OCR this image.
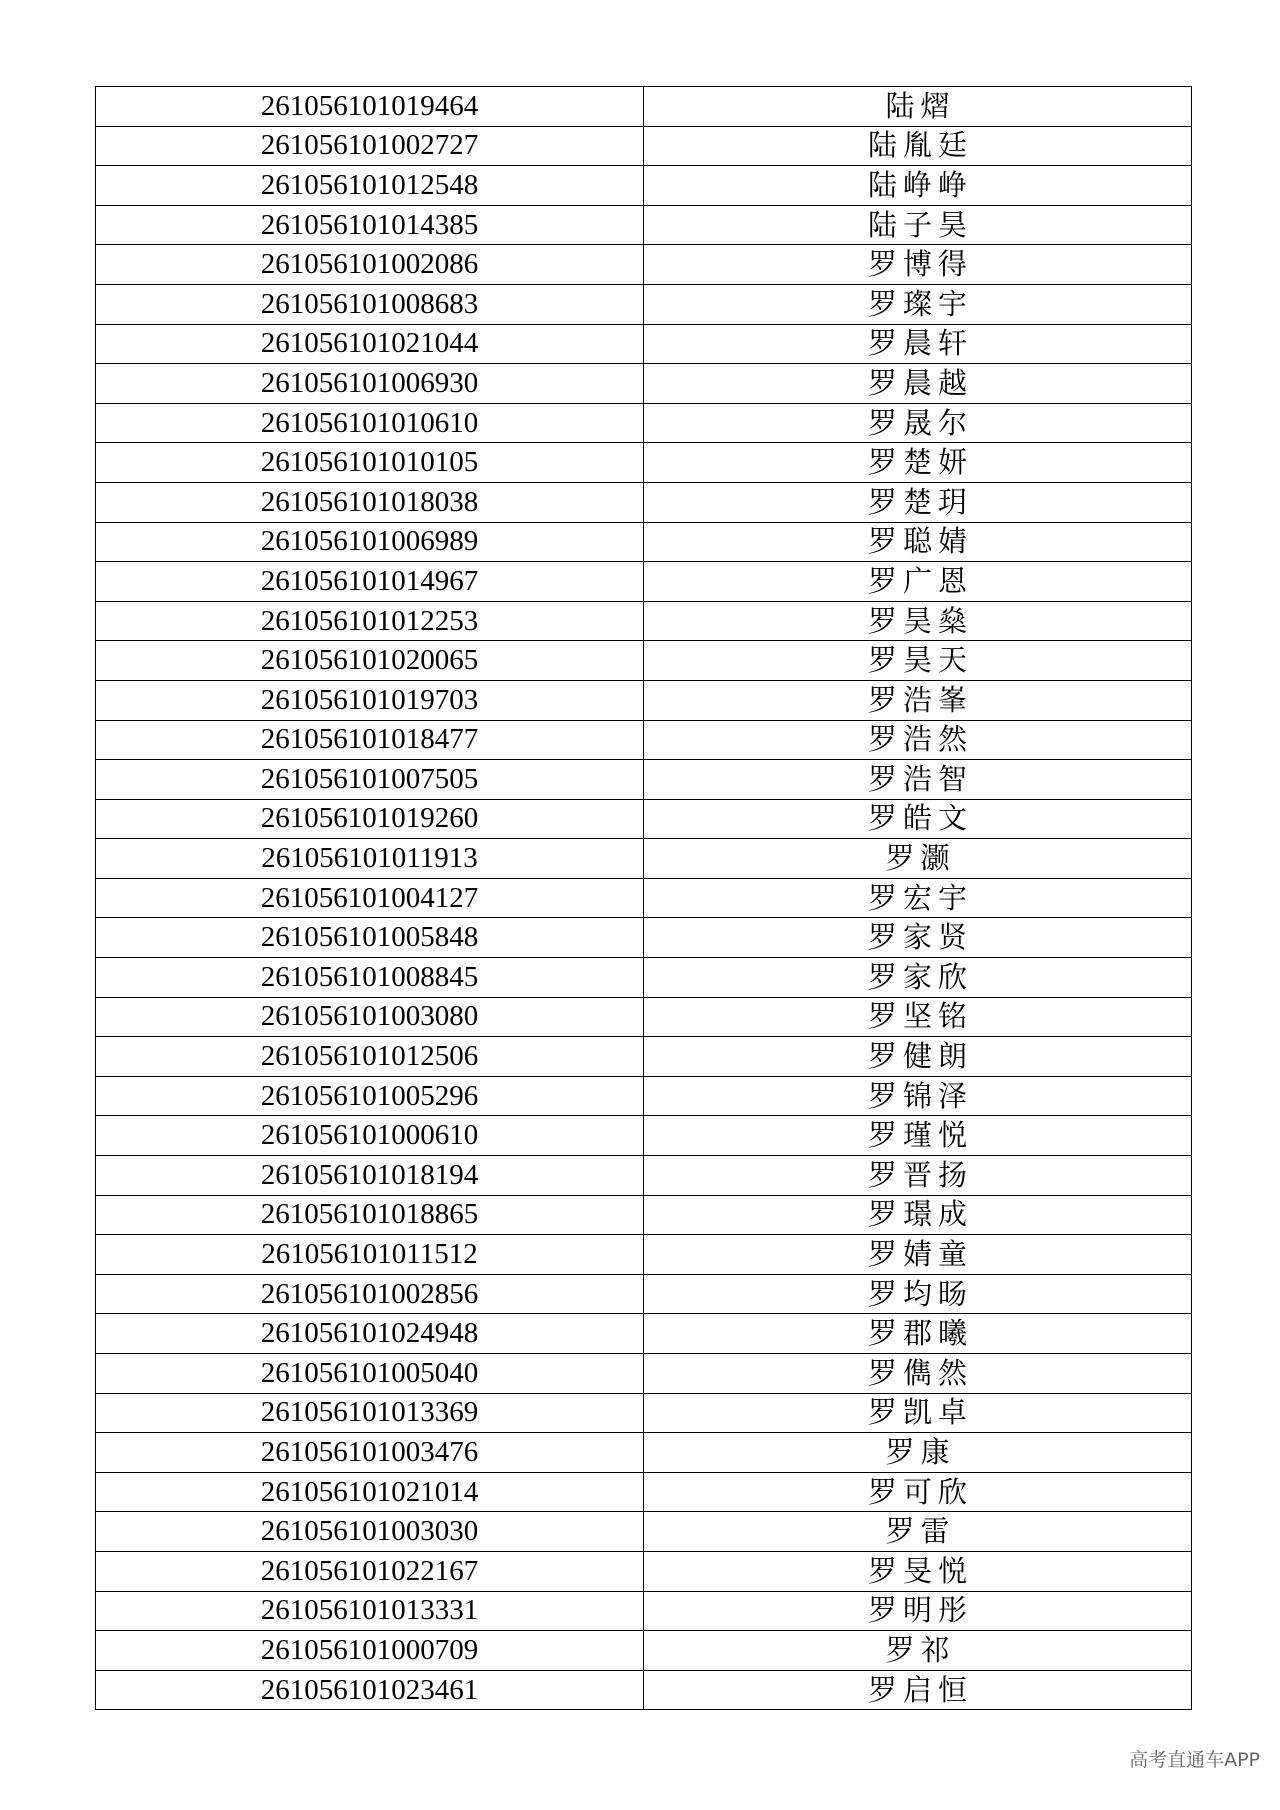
261056101019464	陆熠
261056101002727	陆胤廷
261056101012548	陆峥峥
261056101014385	陆子昊
261056101002086	罗博得
261056101008683	罗璨宇
261056101021044	罗晨轩
261056101006930	罗晨越
261056101010610	罗晟尔
261056101010105	罗楚妍
261056101018038	罗楚玥
261056101006989	罗聪婧
261056101014967	罗广恩
261056101012253	罗昊燊
261056101020065	罗昊天
261056101019703	罗浩峯
261056101018477	罗浩然
261056101007505	罗浩智
261056101019260	罗皓文
261056101011913	罗灏
261056101004127	罗宏宇
261056101005848	罗家贤
261056101008845	罗家欣
261056101003080	罗坚铭
261056101012506	罗健朗
261056101005296	罗锦泽
261056101000610	罗瑾悦
261056101018194	罗晋扬
261056101018865	罗璟成
261056101011512	罗婧童
261056101002856	罗均旸
261056101024948	罗郡曦
261056101005040	罗儁然
261056101013369	罗凯卓
261056101003476	罗康
261056101021014	罗可欣
261056101003030	罗雷
261056101022167	罗旻悦
261056101013331	罗明彤
261056101000709	罗祁
261056101023461	罗启恒
高考直通车APP
